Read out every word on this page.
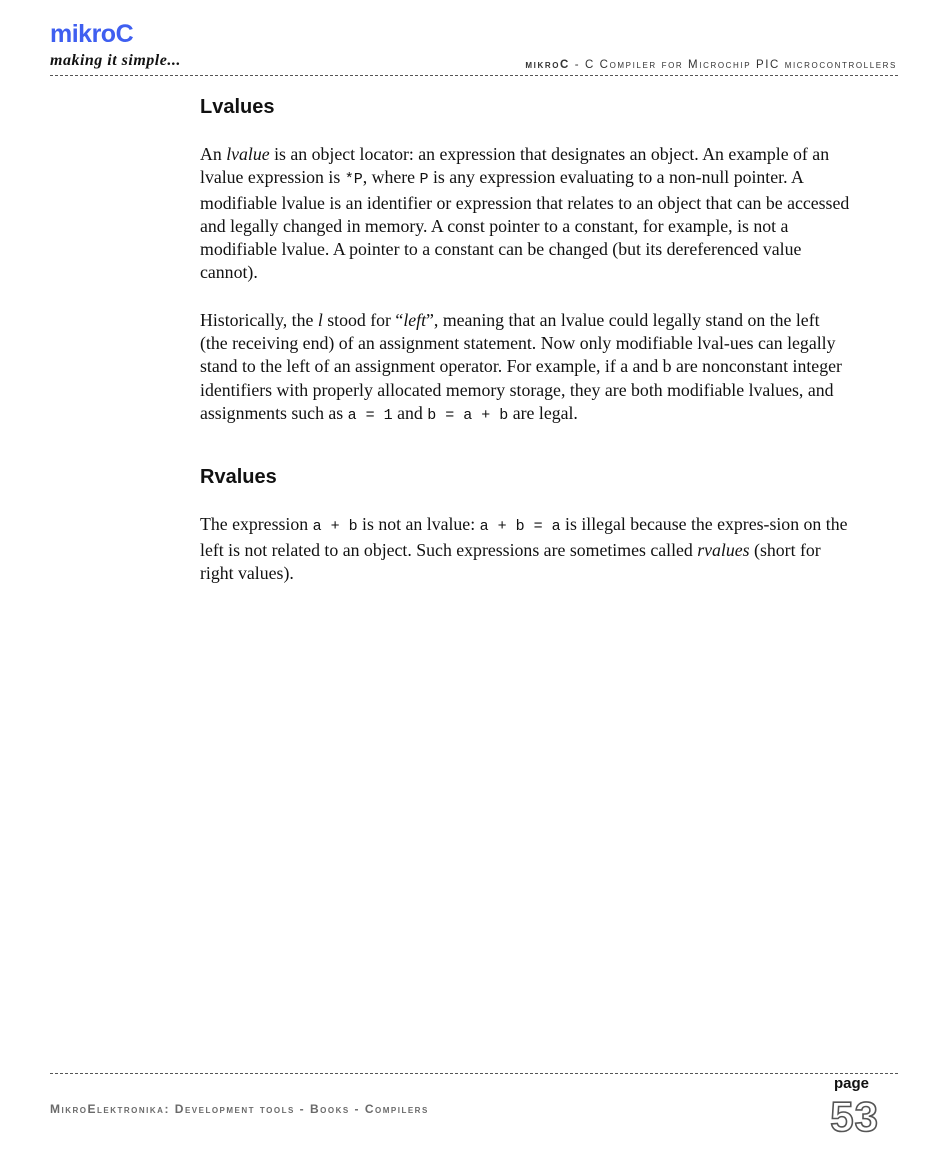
mikroC
making it simple...	mikroC - C Compiler for Microchip PIC microcontrollers
Lvalues

An lvalue is an object locator: an expression that designates an object. An example of an lvalue expression is *P, where P is any expression evaluating to a non-null pointer. A modifiable lvalue is an identifier or expression that relates to an object that can be accessed and legally changed in memory. A const pointer to a constant, for example, is not a modifiable lvalue. A pointer to a constant can be changed (but its dereferenced value cannot).

Historically, the l stood for “left”, meaning that an lvalue could legally stand on the left (the receiving end) of an assignment statement. Now only modifiable lval-ues can legally stand to the left of an assignment operator. For example, if a and b are nonconstant integer identifiers with properly allocated memory storage, they are both modifiable lvalues, and assignments such as a = 1 and b = a + b are legal.

Rvalues

The expression a + b is not an lvalue: a + b = a is illegal because the expres-sion on the left is not related to an object. Such expressions are sometimes called rvalues (short for right values).

page
53
MikroElektronika: Development tools - Books - Compilers
